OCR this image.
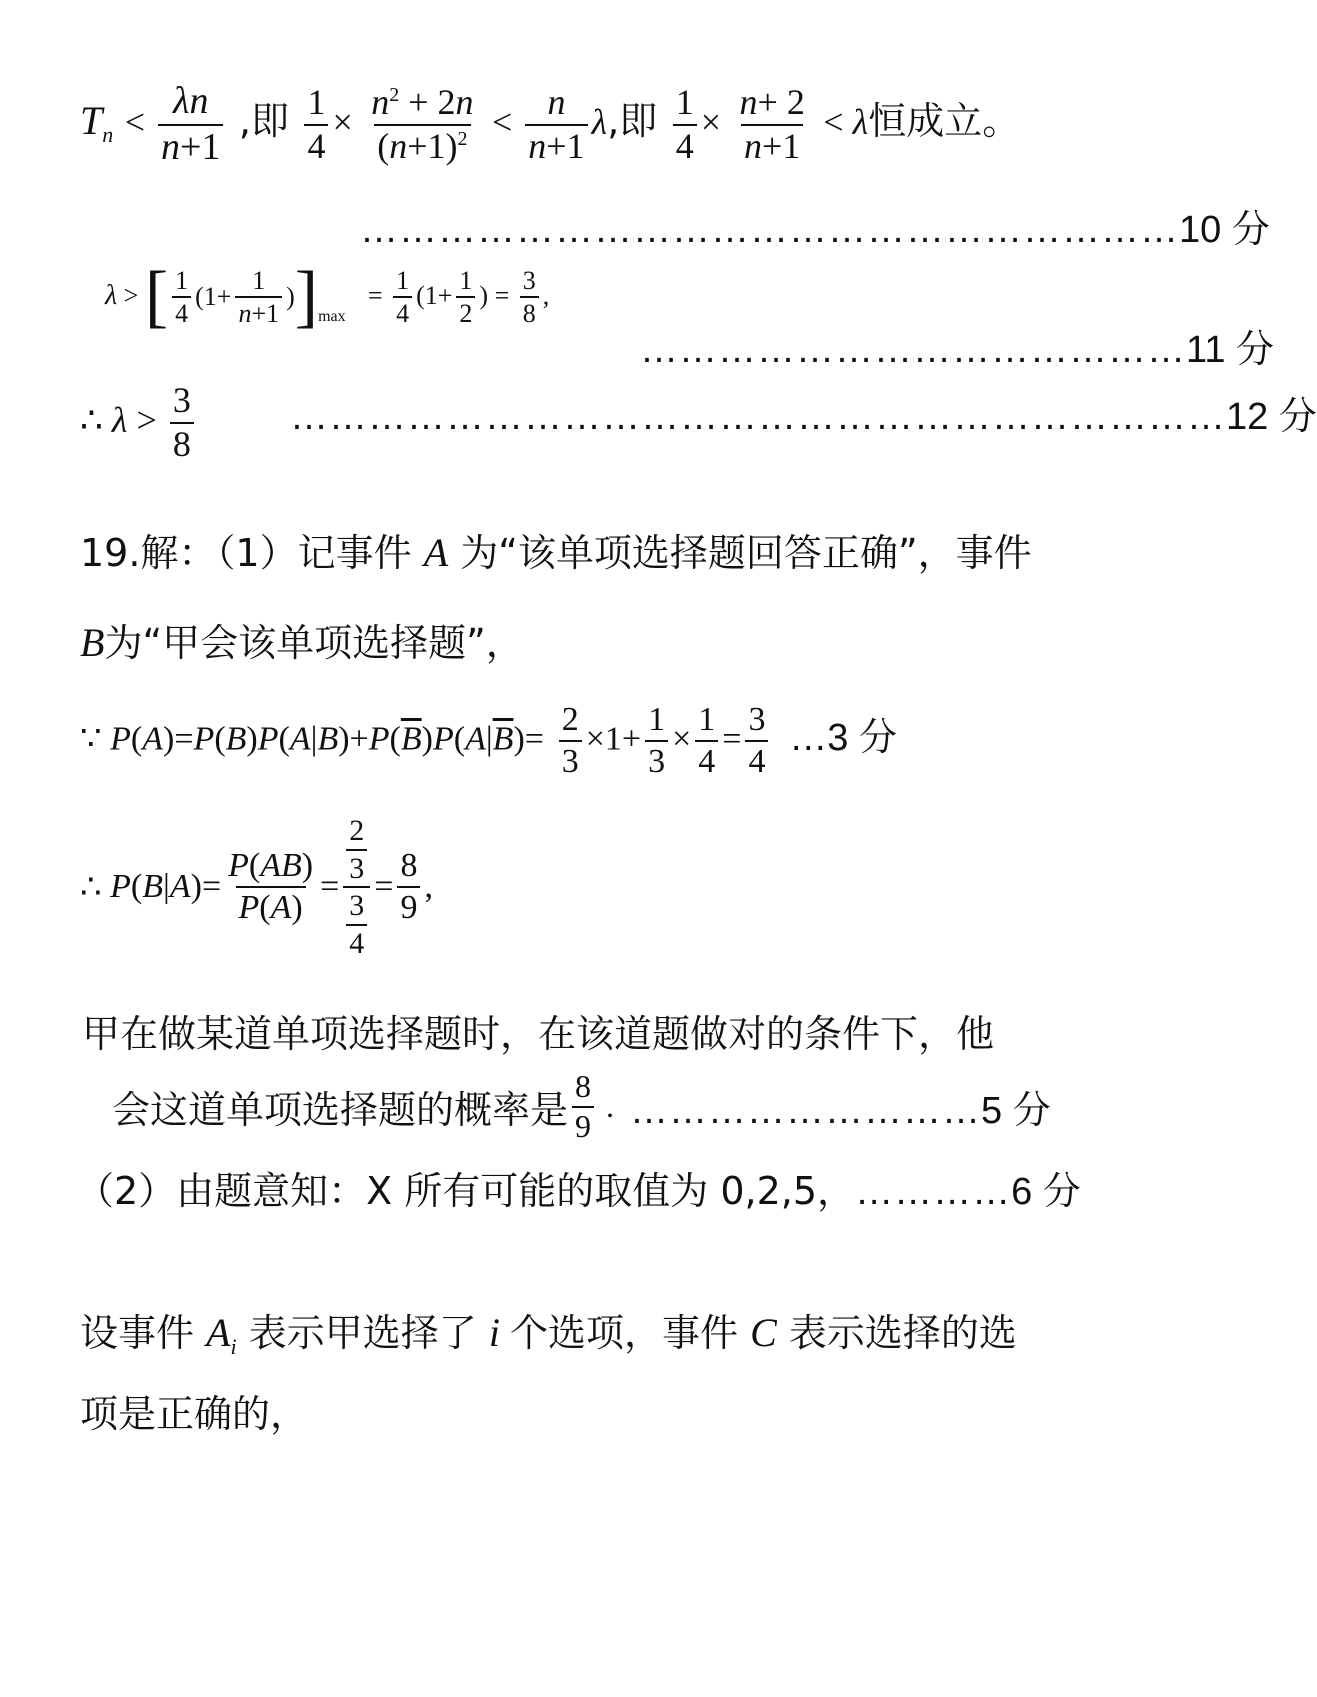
$T_n < \frac{\lambda n}{n+1}$ ,即 $\frac{1}{4} \times \frac{n^2 + 2n}{(n+1)^2} < \frac{n}{n+1} \lambda$,即 $\frac{1}{4} \times \frac{n+ 2}{n+1} < \lambda$恒成立。
………………………………………………………10 分
λ > [ $\frac{1}{4} (1+ \frac{1}{n+1}$ ) ] max
= $\frac{1}{4} (1+ \frac{1}{2}$ ) = $\frac{3}{8}$ ,
……………………………………11 分
∴ $\lambda > \frac{3}{8}$	………………………………………………………………12 分
19.解：（1）记事件 A 为“该单项选择题回答正确”，事件
B为“甲会该单项选择题”，
∵ $P(A)=P(B)P(A|B)+P(\overline{B})P(A|\overline{B})= \frac{2}{3} \times 1+ \frac{1}{3} \times \frac{1}{4} = \frac{3}{4}$ …3 分
∴ P ( B | A )= $\frac{P(AB)}{P(A)} = \frac{\frac{2}{3}}{\frac{3}{4}} = \frac{8}{9}$ ,
甲在做某道单项选择题时，在该道题做对的条件下，他
会这道单项选择题的概率是 $\frac{8}{9}$ . ………………………5 分
（2）由题意知：X 所有可能的取值为 0,2,5，…………6 分
设事件 $A_i$ 表示甲选择了 i 个选项，事件 C 表示选择的选
项是正确的，
